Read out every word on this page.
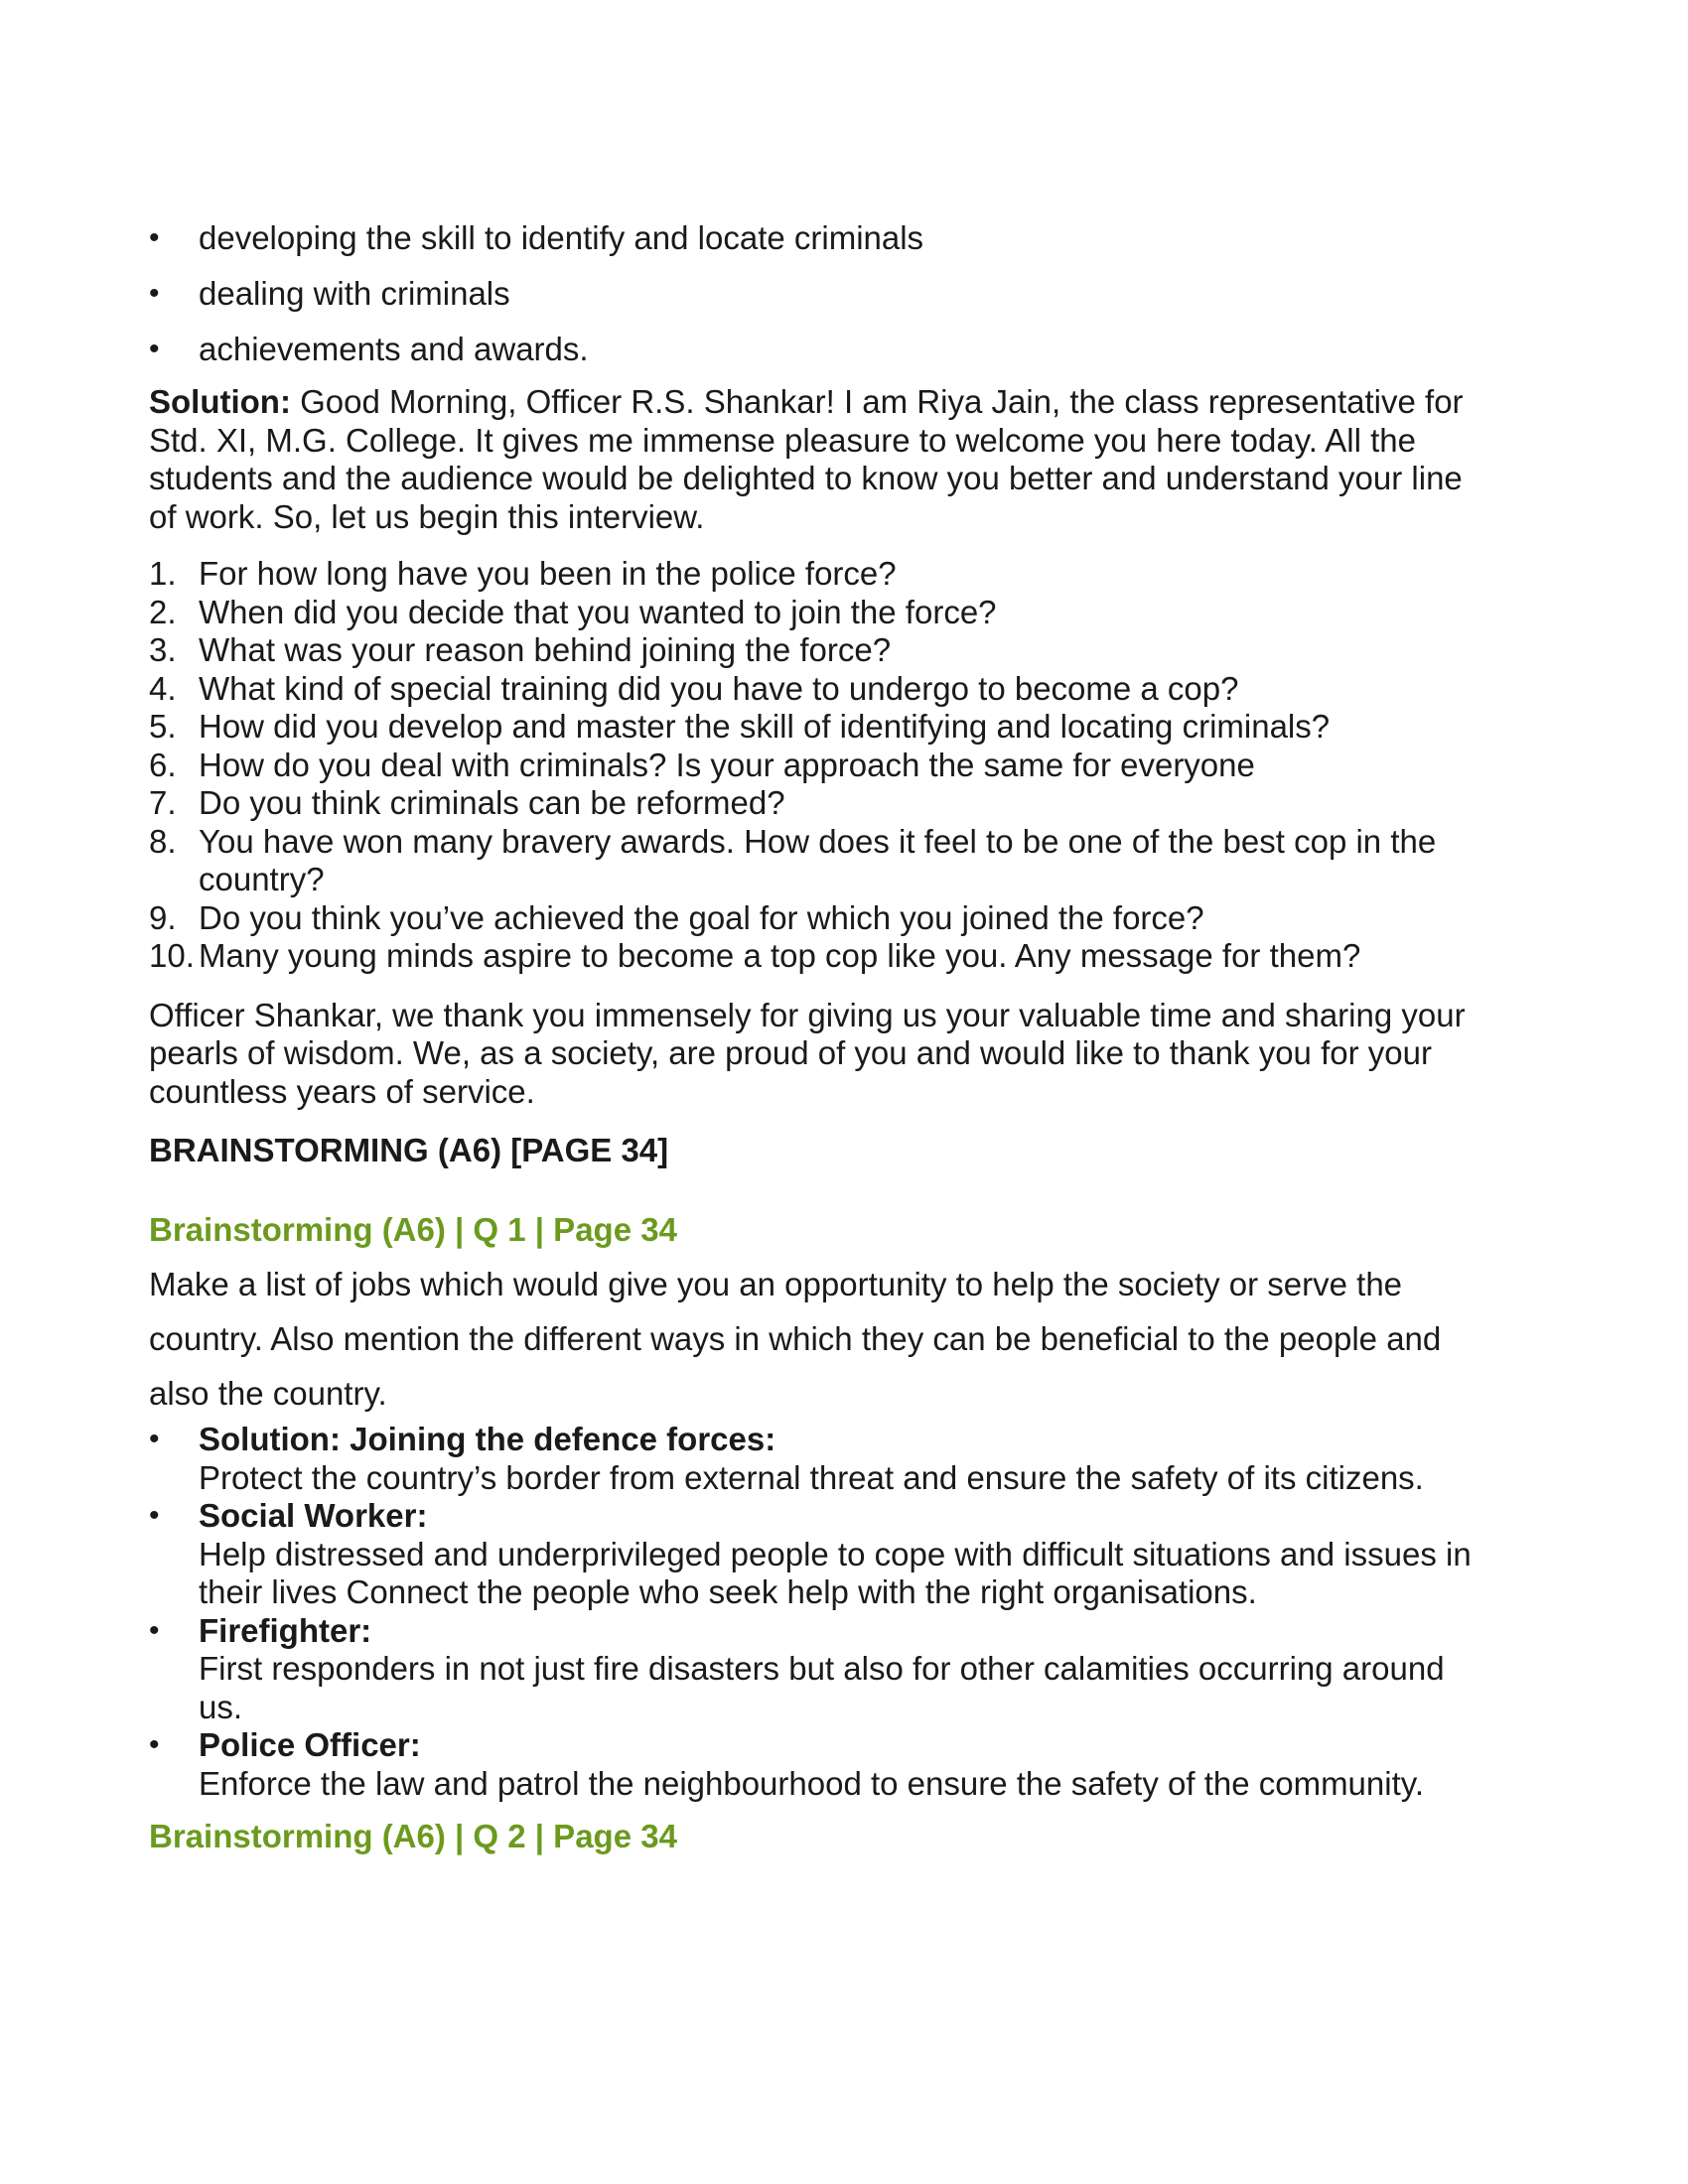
• developing the skill to identify and locate criminals
• dealing with criminals
• achievements and awards.

Solution: Good Morning, Officer R.S. Shankar! I am Riya Jain, the class representative for Std. XI, M.G. College. It gives me immense pleasure to welcome you here today. All the students and the audience would be delighted to know you better and understand your line of work. So, let us begin this interview.

1. For how long have you been in the police force?
2. When did you decide that you wanted to join the force?
3. What was your reason behind joining the force?
4. What kind of special training did you have to undergo to become a cop?
5. How did you develop and master the skill of identifying and locating criminals?
6. How do you deal with criminals? Is your approach the same for everyone
7. Do you think criminals can be reformed?
8. You have won many bravery awards. How does it feel to be one of the best cop in the country?
9. Do you think you’ve achieved the goal for which you joined the force?
10. Many young minds aspire to become a top cop like you. Any message for them?

Officer Shankar, we thank you immensely for giving us your valuable time and sharing your pearls of wisdom. We, as a society, are proud of you and would like to thank you for your countless years of service.

BRAINSTORMING (A6) [PAGE 34]

Brainstorming (A6) | Q 1 | Page 34

Make a list of jobs which would give you an opportunity to help the society or serve the country. Also mention the different ways in which they can be beneficial to the people and also the country.

• Solution: Joining the defence forces:
Protect the country’s border from external threat and ensure the safety of its citizens.
• Social Worker:
Help distressed and underprivileged people to cope with difficult situations and issues in their lives Connect the people who seek help with the right organisations.
• Firefighter:
First responders in not just fire disasters but also for other calamities occurring around us.
• Police Officer:
Enforce the law and patrol the neighbourhood to ensure the safety of the community.

Brainstorming (A6) | Q 2 | Page 34
